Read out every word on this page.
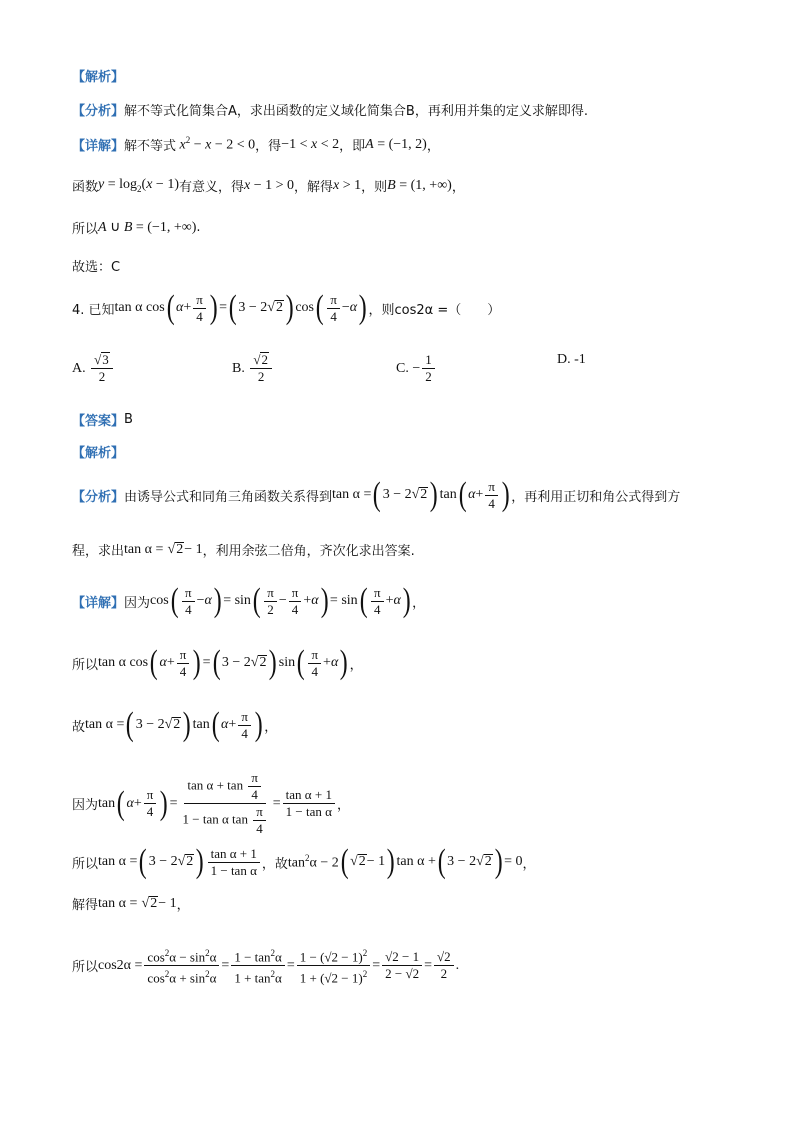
【解析】
【分析】 解不等式化简集合A，求出函数的定义域化简集合B，再利用并集的定义求解即得.
【详解】 解不等式 $x^2 - x - 2 < 0$ ，得 −1 < x < 2 ，即 A = (−1, 2) ，
函数 $y = \log_2(x - 1)$ 有意义，得 x − 1 > 0 ，解得 x > 1 ，则 B = (1, +∞) ，
所以 A ∪ B = (−1, +∞) .
故选：C
4. 已知 tan α cos ( $\alpha + \frac{\pi}{4}$ ) = ( 3 − 2 √ 2 ) cos ( $\frac{\pi}{4} - \alpha$ ) ，则cos2α =（　　）
A.
$\frac{√ 3}{2}$	B.
$\frac{√ 2}{2}$	C. − $\frac{1}{2}$	D.
-1
【答案】 B
【解析】
【分析】 由诱导公式和同角三角函数关系得到 tan α = ( 3 − 2 √ 2 ) tan ( $\alpha + \frac{\pi}{4}$ ) ，再利用正切和角公式得到方
程，求出 tan α =
√ 2 − 1 ，利用余弦二倍角，齐次化求出答案.
【详解】 因为 cos ( $\frac{\pi}{4} - \alpha$ ) = sin ( $\frac{\pi}{2} - \frac{\pi}{4} + \alpha$ ) = sin ( $\frac{\pi}{4} + \alpha$ ) ，
所以 tan α cos ( $\alpha + \frac{\pi}{4}$ ) = ( 3 − 2 √ 2 ) sin ( $\frac{\pi}{4} + \alpha$ ) ，
故 tan α = ( 3 − 2 √ 2 ) tan ( $\alpha + \frac{\pi}{4}$ ) ，
因为 tan ( $\alpha + \frac{\pi}{4}$ ) = $\frac{\tan \alpha + \tan \frac{\pi}{4}}{1 - \tan \alpha \tan \frac{\pi}{4}} = \frac{\text{tan α + 1}}{\text{1 − tan α}}$ ，
所以 tan α = ( 3 − 2 √ 2 ) $\frac{\text{tan α + 1}}{\text{1 − tan α}}$ ，故 $\tan^2\alpha - 2$ ( √ 2 − 1 ) tan α + ( 3 − 2 √ 2 ) = 0 ，
解得 tan α =
√ 2 − 1 ，
所以 $\cos 2\alpha = \frac{\cos^2\alpha - \sin^2\alpha}{\cos^2\alpha + \sin^2\alpha} = \frac{1 - \tan^2\alpha}{1 + \tan^2\alpha} = \frac{1 - (√2 - 1)^2}{1 + (√2 - 1)^2} = \frac{√2 - 1}{2 - √2} = \frac{√2}{2}$ .
